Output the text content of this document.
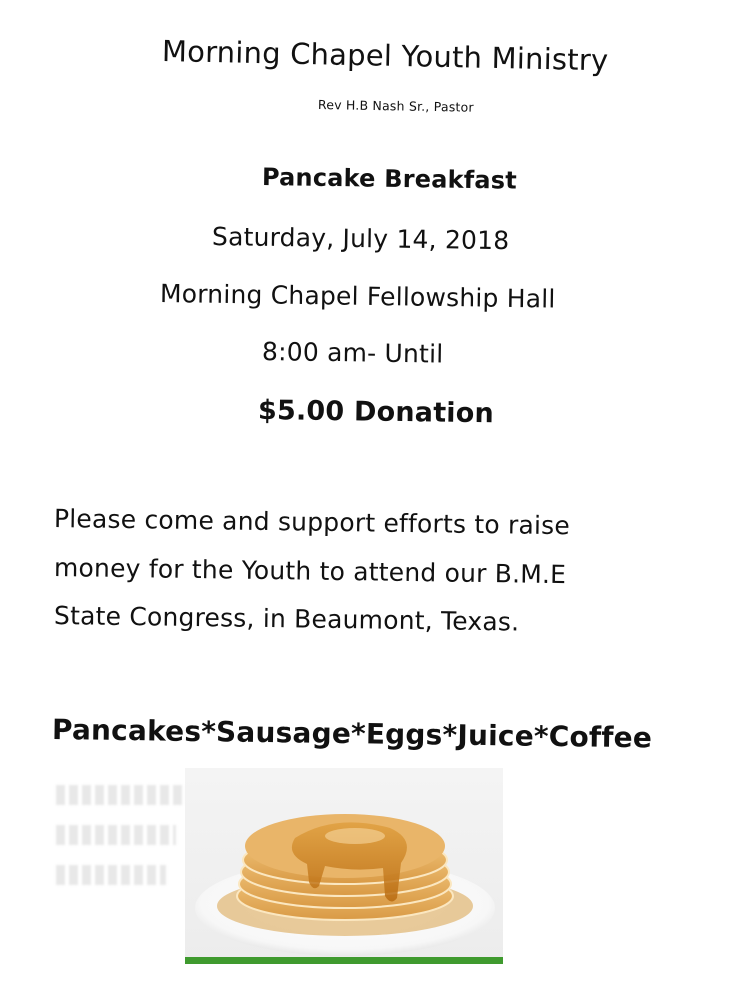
Morning Chapel Youth Ministry
Rev H.B Nash Sr., Pastor
Pancake Breakfast
Saturday, July 14, 2018
Morning Chapel Fellowship Hall
8:00 am- Until
$5.00 Donation
Please come and support efforts to raise
money for the Youth to attend our B.M.E
State Congress, in Beaumont, Texas.
Pancakes*Sausage*Eggs*Juice*Coffee
